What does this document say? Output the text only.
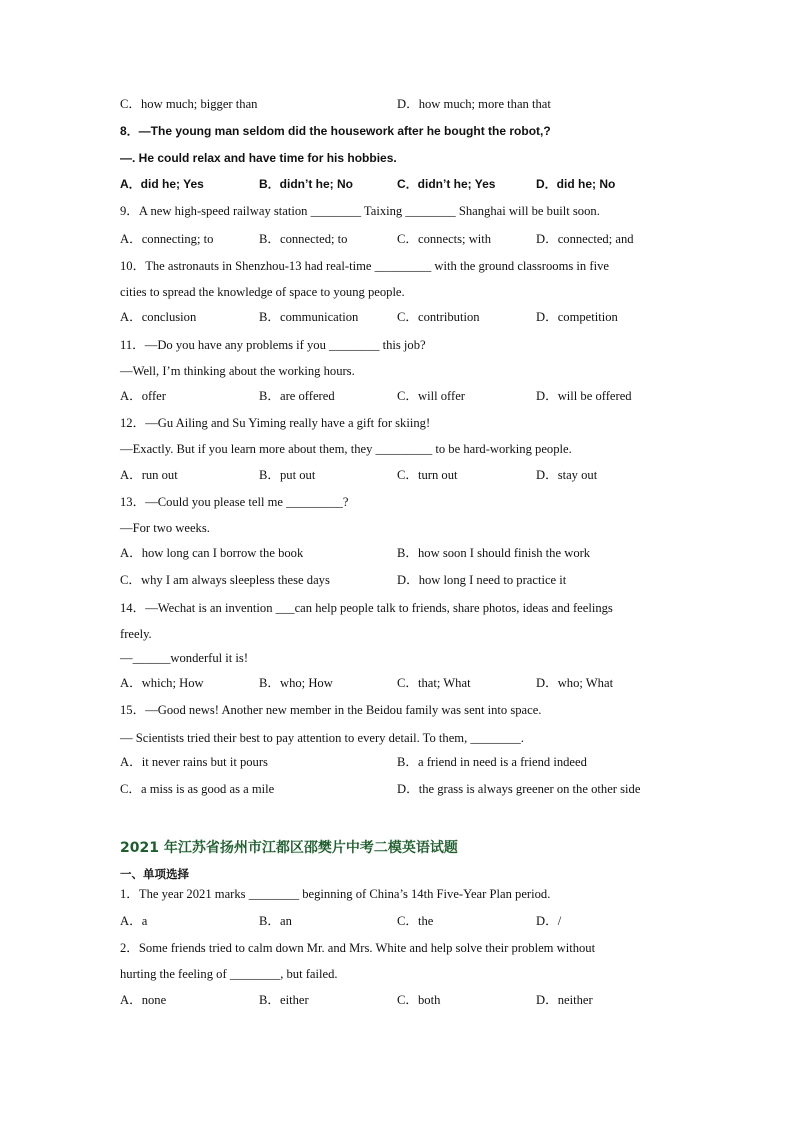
C．how much; bigger than	D．how much; more than that
8．—The young man seldom did the housework after he bought the robot,?
—. He could relax and have time for his hobbies.
A．did he; Yes	B．didn’t he; No	C．didn’t he; Yes	D．did he; No
9．A new high-speed railway station ________ Taixing ________ Shanghai will be built soon.
A．connecting; to	B．connected; to	C．connects; with	D．connected; and
10．The astronauts in Shenzhou-13 had real-time _________ with the ground classrooms in five
cities to spread the knowledge of space to young people.
A．conclusion	B．communication	C．contribution	D．competition
11．—Do you have any problems if you ________ this job?
—Well, I’m thinking about the working hours.
A．offer	B．are offered	C．will offer	D．will be offered
12．—Gu Ailing and Su Yiming really have a gift for skiing!
—Exactly. But if you learn more about them, they _________ to be hard-working people.
A．run out	B．put out	C．turn out	D．stay out
13．—Could you please tell me _________?
—For two weeks.
A．how long can I borrow the book	B．how soon I should finish the work
C．why I am always sleepless these days	D．how long I need to practice it
14．—Wechat is an invention ___can help people talk to friends, share photos, ideas and feelings
freely.
—______wonderful it is!
A．which; How	B．who; How	C．that; What	D．who; What
15．—Good news! Another new member in the Beidou family was sent into space.
— Scientists tried their best to pay attention to every detail. To them, ________.
A．it never rains but it pours	B．a friend in need is a friend indeed
C．a miss is as good as a mile	D．the grass is always greener on the other side
2021 年江苏省扬州市江都区邵樊片中考二模英语试题
一、单项选择
1．The year 2021 marks ________ beginning of China’s 14th Five-Year Plan period.
A．a	B．an	C．the	D．/
2．Some friends tried to calm down Mr. and Mrs. White and help solve their problem without
hurting the feeling of ________, but failed.
A．none	B．either	C．both	D．neither
